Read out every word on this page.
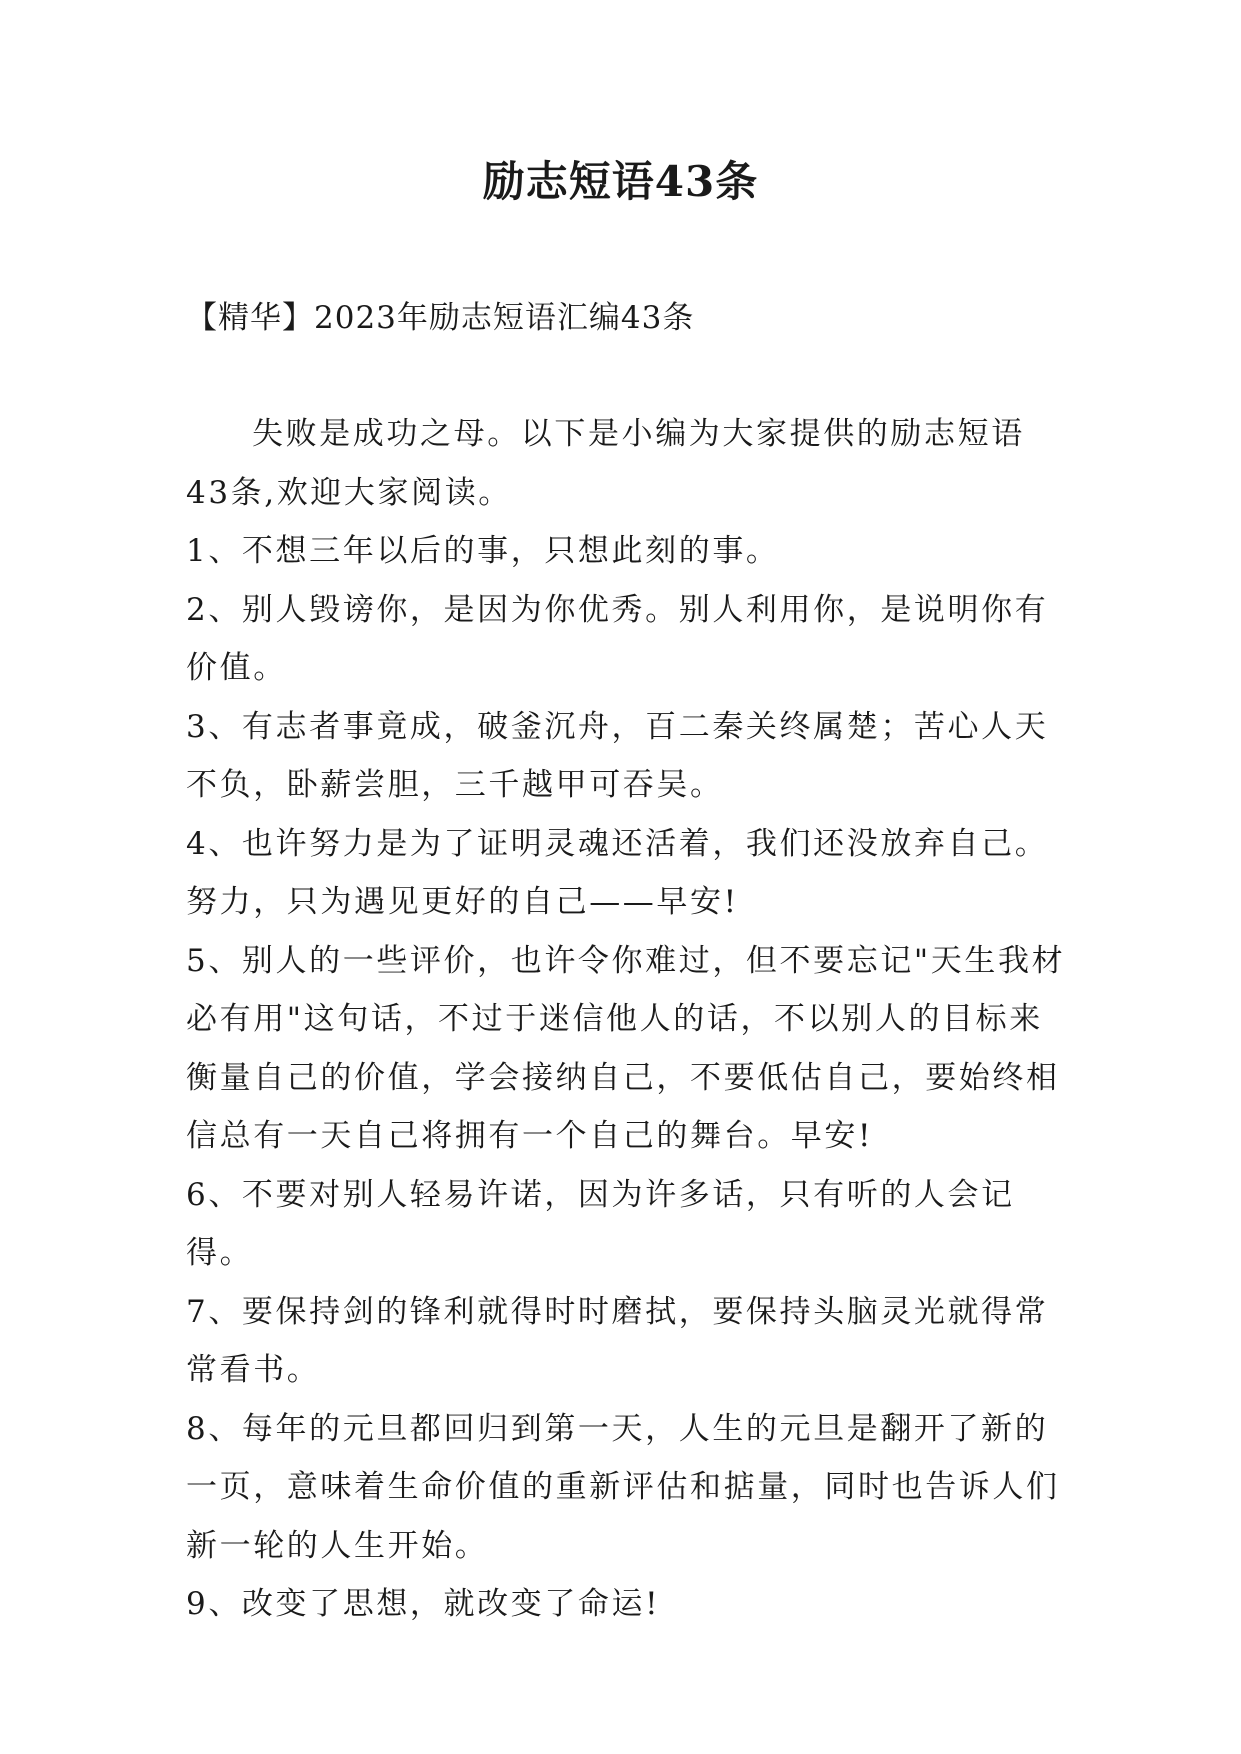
励志短语43条
【精华】2023年励志短语汇编43条

失败是成功之母。以下是小编为大家提供的励志短语43条,欢迎大家阅读。

1、不想三年以后的事，只想此刻的事。

2、别人毁谤你，是因为你优秀。别人利用你，是说明你有价值。

3、有志者事竟成，破釜沉舟，百二秦关终属楚；苦心人天不负，卧薪尝胆，三千越甲可吞吴。

4、也许努力是为了证明灵魂还活着，我们还没放弃自己。努力，只为遇见更好的自己——早安!

5、别人的一些评价，也许令你难过，但不要忘记"天生我材必有用"这句话，不过于迷信他人的话，不以别人的目标来衡量自己的价值，学会接纳自己，不要低估自己，要始终相信总有一天自己将拥有一个自己的舞台。早安!

6、不要对别人轻易许诺，因为许多话，只有听的人会记得。

7、要保持剑的锋利就得时时磨拭，要保持头脑灵光就得常常看书。

8、每年的元旦都回归到第一天，人生的元旦是翻开了新的一页，意味着生命价值的重新评估和掂量，同时也告诉人们新一轮的人生开始。

9、改变了思想，就改变了命运!
